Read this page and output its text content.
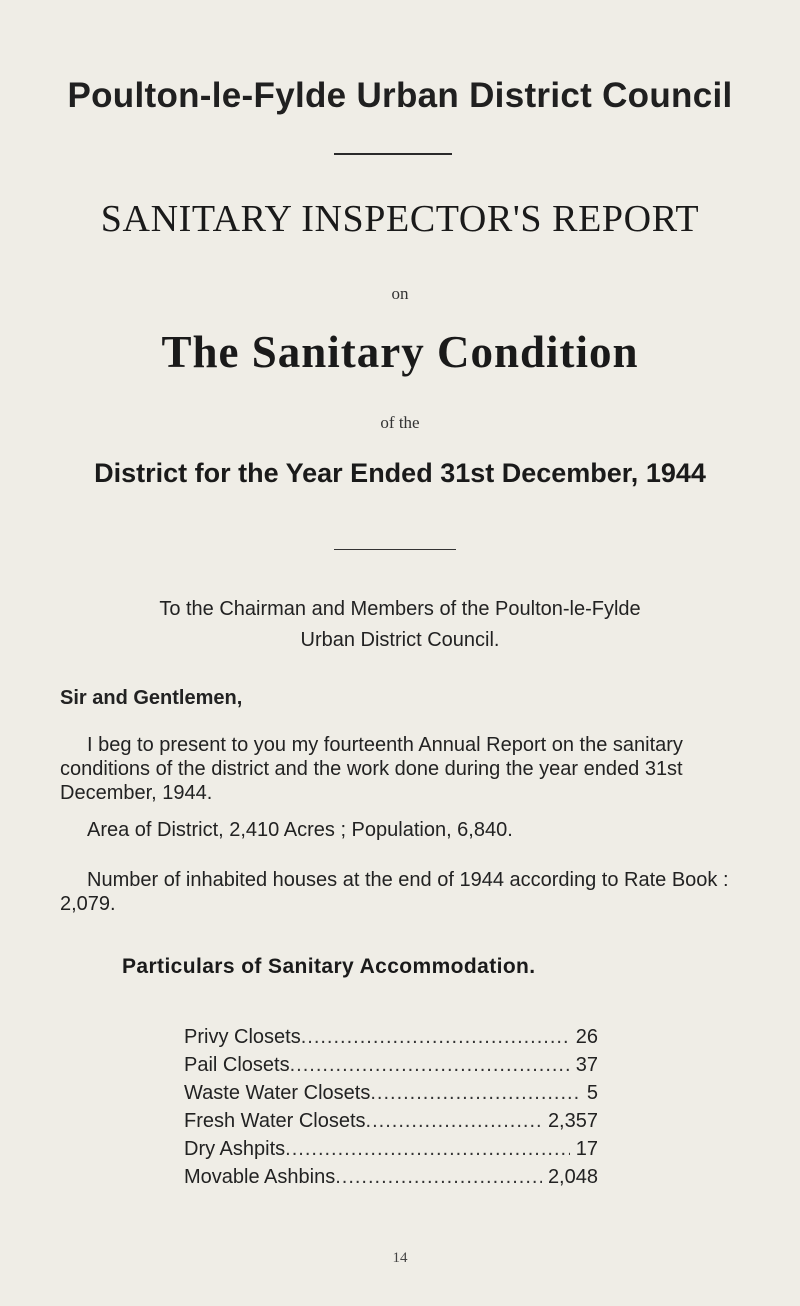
Poulton-le-Fylde Urban District Council
SANITARY INSPECTOR'S REPORT
on
The Sanitary Condition
of the
District for the Year Ended 31st December, 1944
To the Chairman and Members of the Poulton-le-Fylde
Urban District Council.
Sir and Gentlemen,
I beg to present to you my fourteenth Annual Report on the sanitary conditions of the district and the work done during the year ended 31st December, 1944.
Area of District, 2,410 Acres ; Population, 6,840.
Number of inhabited houses at the end of 1944 according to Rate Book : 2,079.
Particulars of Sanitary Accommodation.
Privy Closets .....	26
Pail Closets .....	37
Waste Water Closets .....	5
Fresh Water Closets .....	2,357
Dry Ashpits .....	17
Movable Ashbins .....	2,048
14
